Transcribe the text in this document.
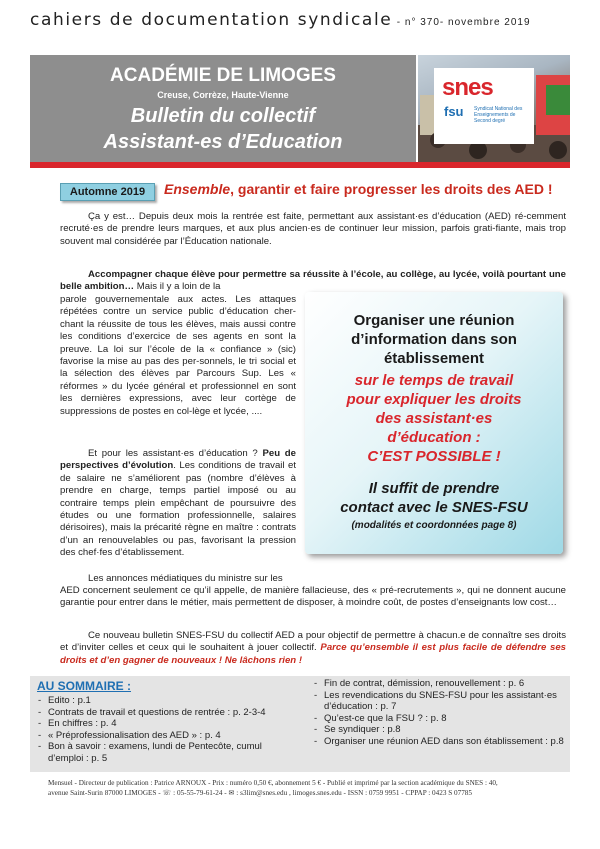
cahiers de documentation syndicale - n° 370- novembre 2019
ACADÉMIE DE LIMOGES
Creuse, Corrèze, Haute-Vienne
Bulletin du collectif
Assistant-es d’Education
snes
fsu Syndicat National des Enseignements de Second degré
Automne 2019	Ensemble, garantir et faire progresser les droits des AED !
Ça y est… Depuis deux mois la rentrée est faite, permettant aux assistant·es d’éducation (AED) ré-cemment recruté·es de prendre leurs marques, et aux plus ancien·es de continuer leur mission, parfois grati-fiante, mais trop souvent mal considérée par l’Éducation nationale.
Accompagner chaque élève pour permettre sa réussite à l’école, au collège, au lycée, voilà pourtant une belle ambition… Mais il y a loin de la
parole gouvernementale aux actes. Les attaques répétées contre un service public d’éducation cher-chant la réussite de tous les élèves, mais aussi contre les conditions d’exercice de ses agents en sont la preuve. La loi sur l’école de la « confiance » (sic) favorise la mise au pas des per-sonnels, le tri social et la sélection des élèves par Parcours Sup. Les « réformes » du lycée général et professionnel en sont les dernières expressions, avec leur cortège de suppressions de postes en col-lège et lycée, ....
Et pour les assistant·es d’éducation ? Peu de perspectives d’évolution. Les conditions de travail et de salaire ne s’améliorent pas (nombre d’élèves à prendre en charge, temps partiel imposé ou au contraire temps plein empêchant de poursuivre des études ou une formation professionnelle, salaires dérisoires), mais la précarité règne en maître : contrats d’un an renouvelables ou pas, favorisant la pression des chef·fes d’établissement.
Les annonces médiatiques du ministre sur les
AED concernent seulement ce qu’il appelle, de manière fallacieuse, des « pré-recrutements », qui ne donnent aucune garantie pour entrer dans le métier, mais permettent de disposer, à moindre coût, de postes d’enseignants low cost…
Ce nouveau bulletin SNES-FSU du collectif AED a pour objectif de permettre à chacun.e de connaître ses droits et d’inviter celles et ceux qui le souhaitent à jouer collectif. Parce qu’ensemble il est plus facile de défendre ses droits et d’en gagner de nouveaux ! Ne lâchons rien !
Organiser une réunion
d’information dans son
établissement
sur le temps de travail
pour expliquer les droits
des assistant·es
d’éducation :
C’EST POSSIBLE !
Il suffit de prendre
contact avec le SNES-FSU
(modalités et coordonnées page 8)
AU SOMMAIRE :
- Edito : p.1
- Contrats de travail et questions de rentrée : p. 2-3-4
- En chiffres : p. 4
- « Préprofessionalisation des AED » : p. 4
- Bon à savoir : examens, lundi de Pentecôte, cumul d’emploi : p. 5
- Fin de contrat, démission, renouvellement : p. 6
- Les revendications du SNES-FSU pour les assistant·es d’éducation : p. 7
- Qu’est-ce que la FSU ? : p. 8
- Se syndiquer : p.8
- Organiser une réunion AED dans son établissement : p.8
Mensuel - Directeur de publication : Patrice ARNOUX - Prix : numéro 0,50 €, abonnement 5 € - Publié et imprimé par la section académique du SNES : 40,
avenue Saint-Surin 87000 LIMOGES - ☏ : 05-55-79-61-24 - ✉ : s3lim@snes.edu , limoges.snes.edu - ISSN : 0759 9951 - CPPAP : 0423 S 07785
